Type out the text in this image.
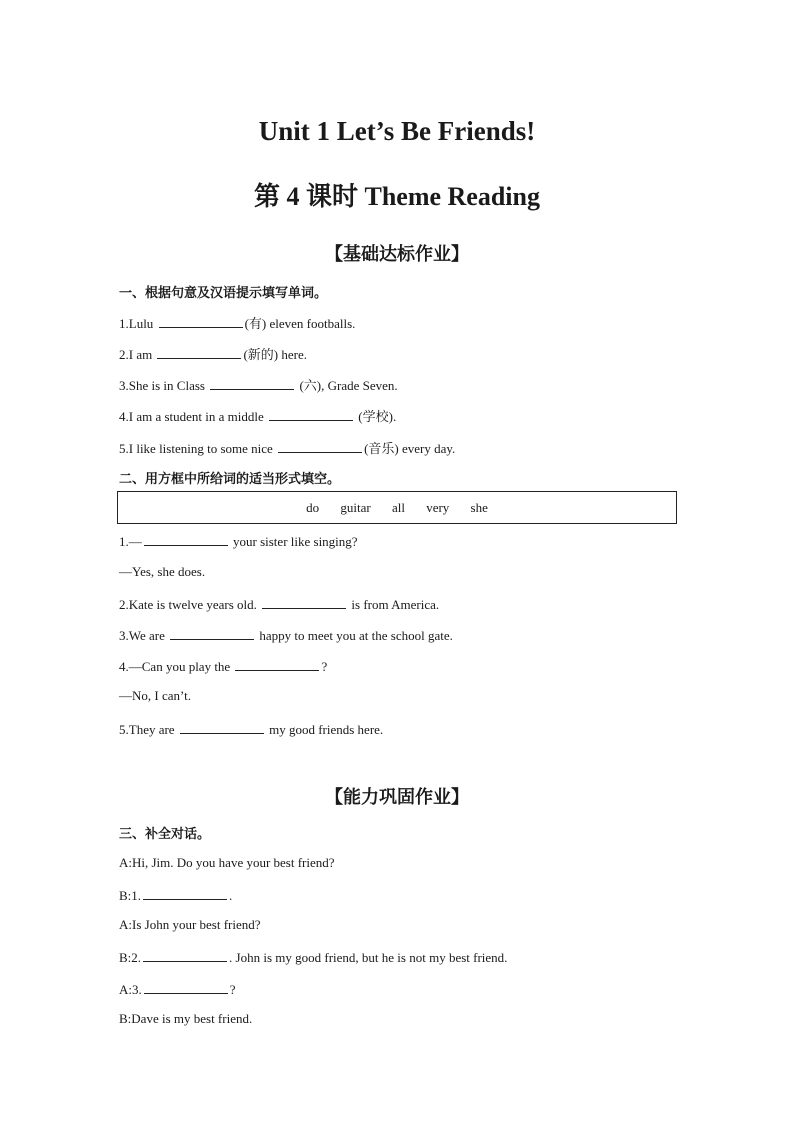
Unit 1 Let’s Be Friends!
第 4 课时 Theme Reading
【基础达标作业】
一、根据句意及汉语提示填写单词。
1.Lulu	(有) eleven footballs.
2.I am	(新的) here.
3.She is in Class	(六), Grade Seven.
4.I am a student in a middle	(学校).
5.I like listening to some nice	(音乐) every day.
二、用方框中所给词的适当形式填空。
do guitar all very she
1.—	your sister like singing?
—Yes, she does.
2.Kate is twelve years old.	is from America.
3.We are	happy to meet you at the school gate.
4.—Can you play the	?
—No, I can’t.
5.They are	my good friends here.
【能力巩固作业】
三、补全对话。
A:Hi, Jim. Do you have your best friend?
B:1.	.
A:Is John your best friend?
B:2.	. John is my good friend, but he is not my best friend.
A:3.	?
B:Dave is my best friend.
